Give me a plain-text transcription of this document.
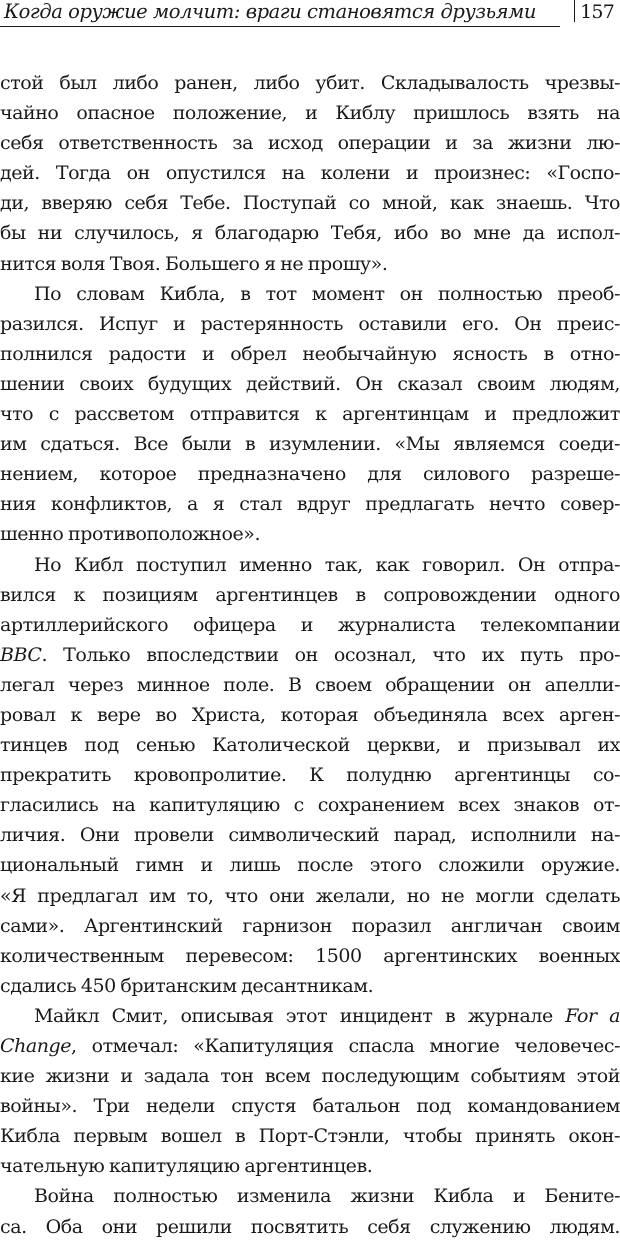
Когда оружие молчит: враги становятся друзьями	157
стой был либо ранен, либо убит. Складывалость чрезвы-
чайно опасное положение, и Киблу пришлось взять на
себя ответственность за исход операции и за жизни лю-
дей. Тогда он опустился на колени и произнес: «Госпо-
ди, вверяю себя Тебе. Поступай со мной, как знаешь. Что
бы ни случилось, я благодарю Тебя, ибо во мне да испол-
нится воля Твоя. Большего я не прошу».
По словам Кибла, в тот момент он полностью преоб-
разился. Испуг и растерянность оставили его. Он преис-
полнился радости и обрел необычайную ясность в отно-
шении своих будущих действий. Он сказал своим людям,
что с рассветом отправится к аргентинцам и предложит
им сдаться. Все были в изумлении. «Мы являемся соеди-
нением, которое предназначено для силового разреше-
ния конфликтов, а я стал вдруг предлагать нечто совер-
шенно противоположное».
Но Кибл поступил именно так, как говорил. Он отпра-
вился к позициям аргентинцев в сопровождении одного
артиллерийского офицера и журналиста телекомпании
BBC. Только впоследствии он осознал, что их путь про-
легал через минное поле. В своем обращении он апелли-
ровал к вере во Христа, которая объединяла всех арген-
тинцев под сенью Католической церкви, и призывал их
прекратить кровопролитие. К полудню аргентинцы со-
гласились на капитуляцию с сохранением всех знаков от-
личия. Они провели символический парад, исполнили на-
циональный гимн и лишь после этого сложили оружие.
«Я предлагал им то, что они желали, но не могли сделать
сами». Аргентинский гарнизон поразил англичан своим
количественным перевесом: 1500 аргентинских военных
сдались 450 британским десантникам.
Майкл Смит, описывая этот инцидент в журнале For a
Change, отмечал: «Капитуляция спасла многие человечес-
кие жизни и задала тон всем последующим событиям этой
войны». Три недели спустя батальон под командованием
Кибла первым вошел в Порт-Стэнли, чтобы принять окон-
чательную капитуляцию аргентинцев.
Война полностью изменила жизни Кибла и Бените-
са. Оба они решили посвятить себя служению людям.
